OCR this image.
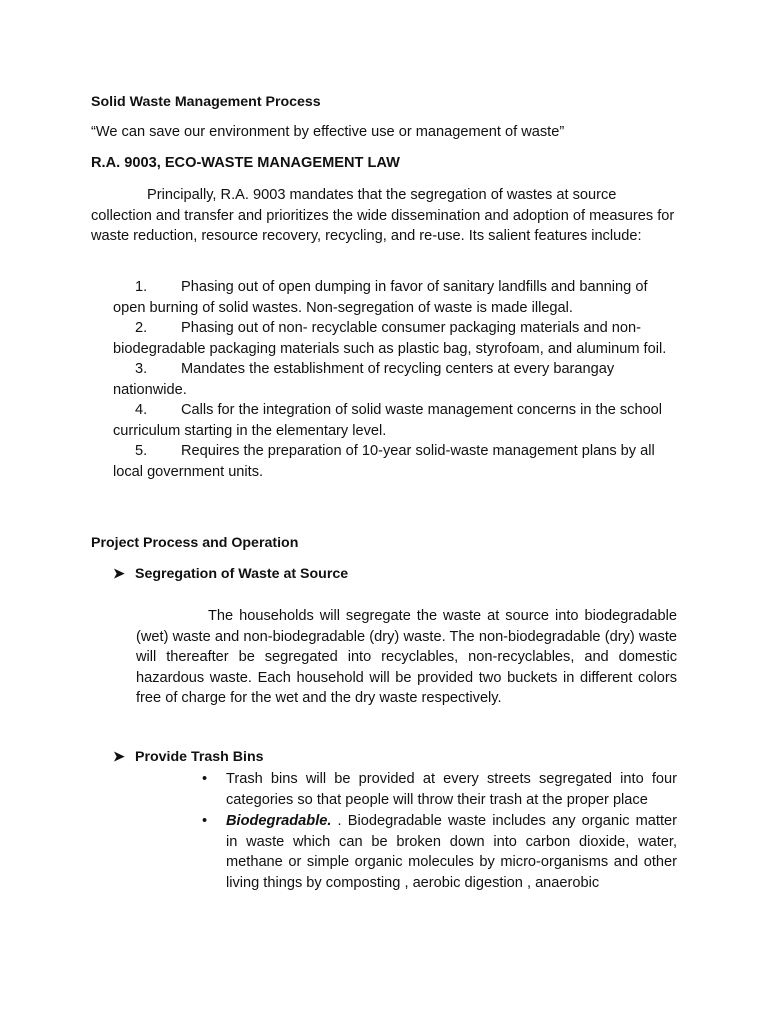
Solid Waste Management Process

“We can save our environment by effective use or management of waste”

R.A. 9003, ECO-WASTE MANAGEMENT LAW

Principally, R.A. 9003 mandates that the segregation of wastes at source collection and transfer and prioritizes the wide dissemination and adoption of measures for waste reduction, resource recovery, recycling, and re-use. Its salient features include:

1. Phasing out of open dumping in favor of sanitary landfills and banning of open burning of solid wastes. Non-segregation of waste is made illegal.
2. Phasing out of non- recyclable consumer packaging materials and non-biodegradable packaging materials such as plastic bag, styrofoam, and aluminum foil.
3. Mandates the establishment of recycling centers at every barangay nationwide.
4. Calls for the integration of solid waste management concerns in the school curriculum starting in the elementary level.
5. Requires the preparation of 10-year solid-waste management plans by all local government units.

Project Process and Operation

➤ Segregation of Waste at Source

The households will segregate the waste at source into biodegradable (wet) waste and non-biodegradable (dry) waste. The non-biodegradable (dry) waste will thereafter be segregated into recyclables, non-recyclables, and domestic hazardous waste. Each household will be provided two buckets in different colors free of charge for the wet and the dry waste respectively.

➤ Provide Trash Bins

• Trash bins will be provided at every streets segregated into four categories so that people will throw their trash at the proper place
• Biodegradable. . Biodegradable waste includes any organic matter in waste which can be broken down into carbon dioxide, water, methane or simple organic molecules by micro-organisms and other living things by composting , aerobic digestion , anaerobic
